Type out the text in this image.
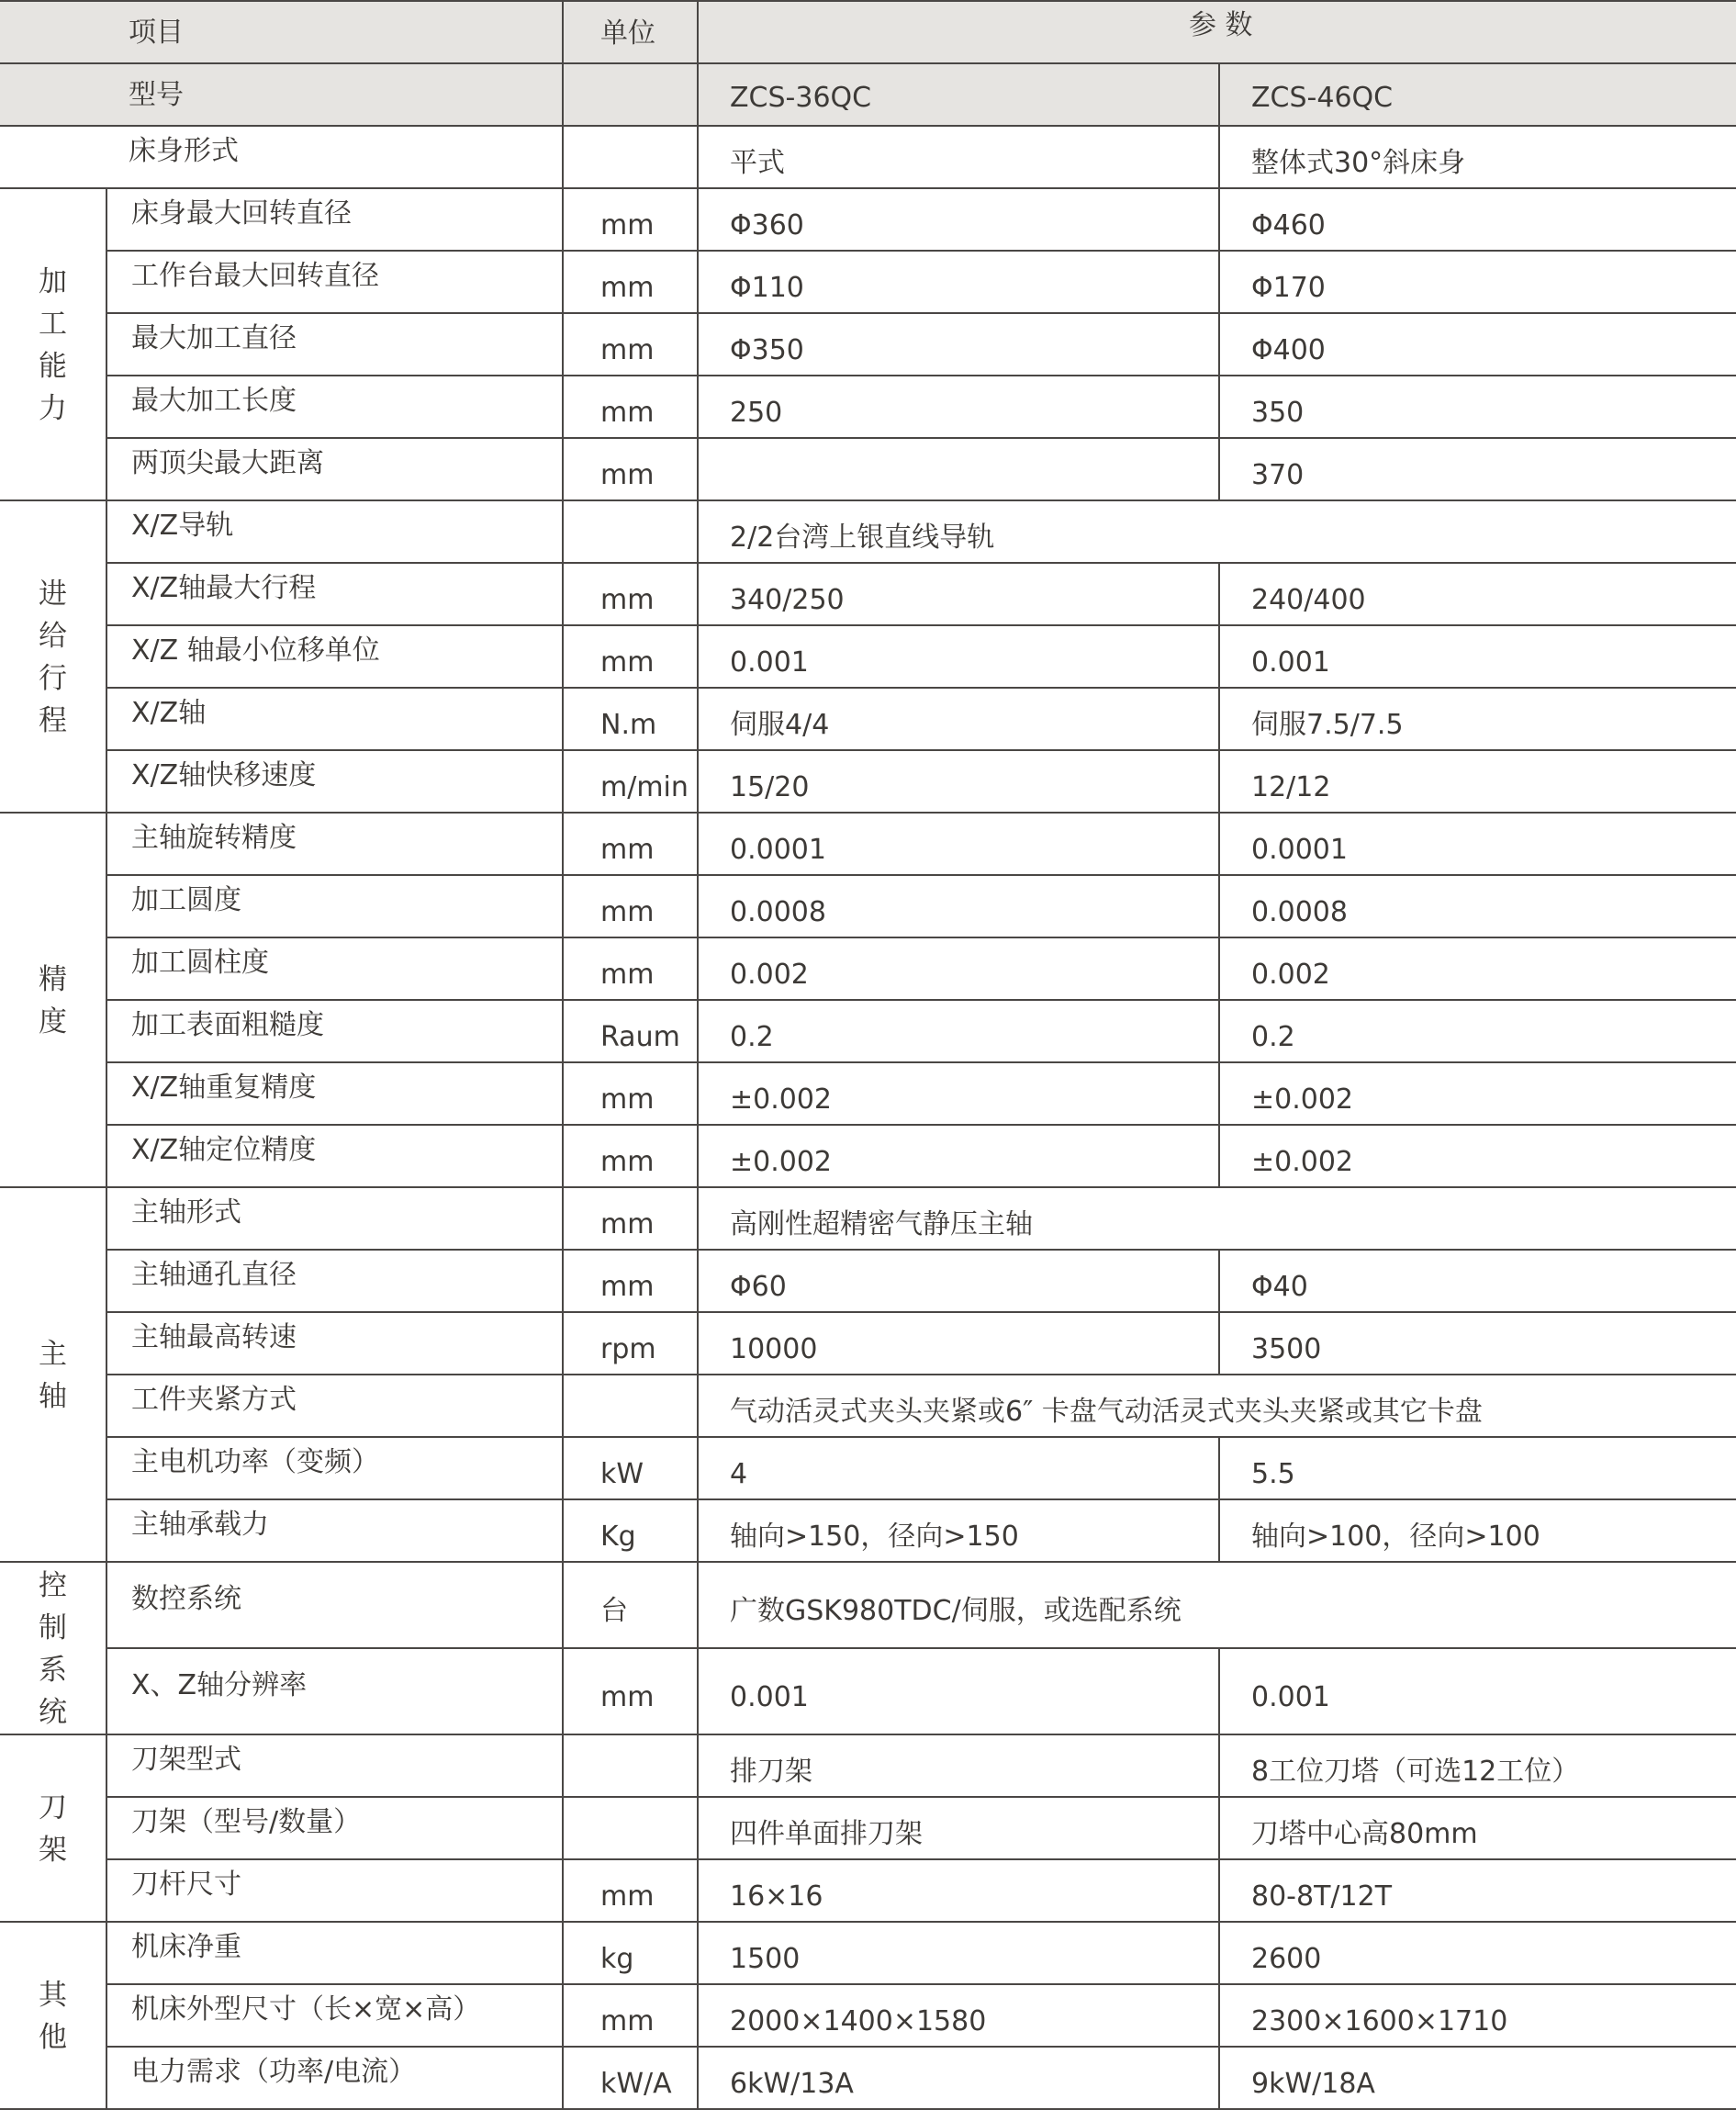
项目		单位	参 数	
型号			ZCS-36QC	ZCS-46QC
床身形式			平式	整体式30°斜床身
加工能力	床身最大回转直径	mm	Φ360	Φ460
	工作台最大回转直径	mm	Φ110	Φ170
	最大加工直径	mm	Φ350	Φ400
	最大加工长度	mm	250	350
	两顶尖最大距离	mm		370
进给行程	X/Z导轨		2/2台湾上银直线导轨	
	X/Z轴最大行程	mm	340/250	240/400
	X/Z 轴最小位移单位	mm	0.001	0.001
	X/Z轴	N.m	伺服4/4	伺服7.5/7.5
	X/Z轴快移速度	m/min	15/20	12/12
精度	主轴旋转精度	mm	0.0001	0.0001
	加工圆度	mm	0.0008	0.0008
	加工圆柱度	mm	0.002	0.002
	加工表面粗糙度	Raum	0.2	0.2
	X/Z轴重复精度	mm	±0.002	±0.002
	X/Z轴定位精度	mm	±0.002	±0.002
主轴	主轴形式	mm	高刚性超精密气静压主轴	
	主轴通孔直径	mm	Φ60	Φ40
	主轴最高转速	rpm	10000	3500
	工件夹紧方式		气动活灵式夹头夹紧或6″ 卡盘气动活灵式夹头夹紧或其它卡盘	
	主电机功率（变频）	kW	4	5.5
	主轴承载力	Kg	轴向>150，径向>150	轴向>100，径向>100
控制系统	数控系统	台	广数GSK980TDC/伺服，或选配系统	
	X、Z轴分辨率	mm	0.001	0.001
刀架	刀架型式		排刀架	8工位刀塔（可选12工位）
	刀架（型号/数量）		四件单面排刀架	刀塔中心高80mm
	刀杆尺寸	mm	16×16	80-8T/12T
其他	机床净重	kg	1500	2600
	机床外型尺寸（长×宽×高）	mm	2000×1400×1580	2300×1600×1710
	电力需求（功率/电流）	kW/A	6kW/13A	9kW/18A
